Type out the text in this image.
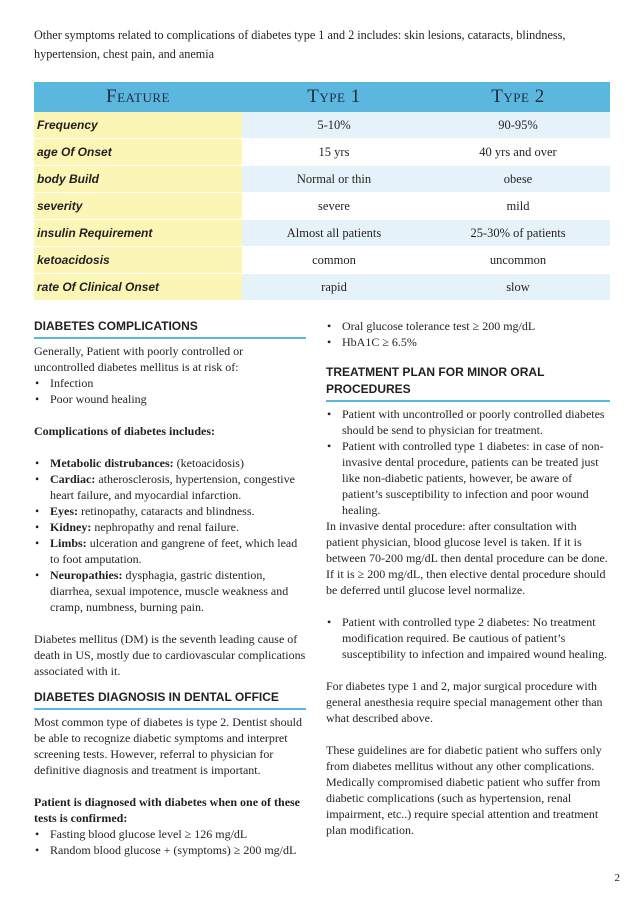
Other symptoms related to complications of diabetes type 1 and 2 includes: skin lesions, cataracts, blindness, hypertension, chest pain, and anemia

Feature	Type 1	Type 2
Frequency	5-10%	90-95%
age Of Onset	15 yrs	40 yrs and over
body Build	Normal or thin	obese
severity	severe	mild
insulin Requirement	Almost all patients	25-30% of patients
ketoacidosis	common	uncommon
rate Of Clinical Onset	rapid	slow
DIABETES COMPLICATIONS

Generally, Patient with poorly controlled or uncontrolled diabetes mellitus is at risk of:

• Infection
• Poor wound healing

Complications of diabetes includes:

• Metabolic distrubances: (ketoacidosis)
• Cardiac: atherosclerosis, hypertension, congestive heart failure, and myocardial infarction.
• Eyes: retinopathy, cataracts and blindness.
• Kidney: nephropathy and renal failure.
• Limbs: ulceration and gangrene of feet, which lead to foot amputation.
• Neuropathies: dysphagia, gastric distention, diarrhea, sexual impotence, muscle weakness and cramp, numbness, burning pain.

Diabetes mellitus (DM) is the seventh leading cause of death in US, mostly due to cardiovascular complications associated with it.

DIABETES DIAGNOSIS IN DENTAL OFFICE

Most common type of diabetes is type 2. Dentist should be able to recognize diabetic symptoms and interpret screening tests. However, referral to physician for definitive diagnosis and treatment is important.

Patient is diagnosed with diabetes when one of these tests is confirmed:

• Fasting blood glucose level ≥ 126 mg/dL
• Random blood glucose + (symptoms) ≥ 200 mg/dL
• Oral glucose tolerance test ≥ 200 mg/dL
• HbA1C ≥ 6.5%
TREATMENT PLAN FOR MINOR ORAL PROCEDURES
• Patient with uncontrolled or poorly controlled diabetes should be send to physician for treatment.
• Patient with controlled type 1 diabetes: in case of non-invasive dental procedure, patients can be treated just like non-diabetic patients, however, be aware of patient’s susceptibility to infection and poor wound healing.

In invasive dental procedure: after consultation with patient physician, blood glucose level is taken. If it is between 70-200 mg/dL then dental procedure can be done. If it is ≥ 200 mg/dL, then elective dental procedure should be deferred until glucose level normalize.

• Patient with controlled type 2 diabetes: No treatment modification required. Be cautious of patient’s susceptibility to infection and impaired wound healing.

For diabetes type 1 and 2, major surgical procedure with general anesthesia require special management other than what described above.

These guidelines are for diabetic patient who suffers only from diabetes mellitus without any other complications. Medically compromised diabetic patient who suffer from diabetic complications (such as hypertension, renal impairment, etc..) require special attention and treatment plan modification.

2
